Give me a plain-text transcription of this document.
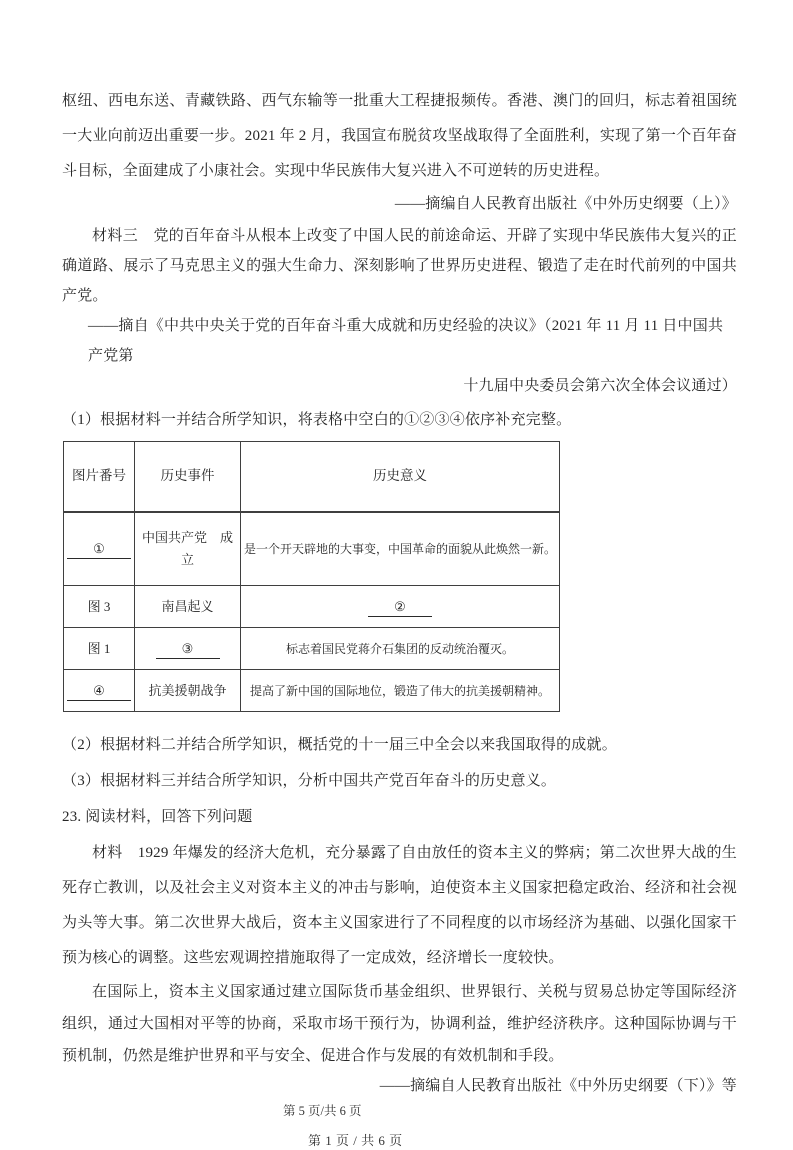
枢纽、西电东送、青藏铁路、西气东输等一批重大工程捷报频传。香港、澳门的回归，标志着祖国统一大业向前迈出重要一步。2021 年 2 月，我国宣布脱贫攻坚战取得了全面胜利，实现了第一个百年奋斗目标，全面建成了小康社会。实现中华民族伟大复兴进入不可逆转的历史进程。

——摘编自人民教育出版社《中外历史纲要（上）》

材料三　党的百年奋斗从根本上改变了中国人民的前途命运、开辟了实现中华民族伟大复兴的正确道路、展示了马克思主义的强大生命力、深刻影响了世界历史进程、锻造了走在时代前列的中国共产党。

——摘自《中共中央关于党的百年奋斗重大成就和历史经验的决议》（2021 年 11 月 11 日中国共产党第

十九届中央委员会第六次全体会议通过）

（1）根据材料一并结合所学知识，将表格中空白的①②③④依序补充完整。

图片番号	历史事件	历史意义
①	中国共产党　成立	是一个开天辟地的大事变，中国革命的面貌从此焕然一新。
图 3	南昌起义	②
图 1	③	标志着国民党蒋介石集团的反动统治覆灭。
④	抗美援朝战争	提高了新中国的国际地位，锻造了伟大的抗美援朝精神。

（2）根据材料二并结合所学知识，概括党的十一届三中全会以来我国取得的成就。

（3）根据材料三并结合所学知识，分析中国共产党百年奋斗的历史意义。

23. 阅读材料，回答下列问题

材料　1929 年爆发的经济大危机，充分暴露了自由放任的资本主义的弊病；第二次世界大战的生死存亡教训，以及社会主义对资本主义的冲击与影响，迫使资本主义国家把稳定政治、经济和社会视为头等大事。第二次世界大战后，资本主义国家进行了不同程度的以市场经济为基础、以强化国家干预为核心的调整。这些宏观调控措施取得了一定成效，经济增长一度较快。

在国际上，资本主义国家通过建立国际货币基金组织、世界银行、关税与贸易总协定等国际经济组织，通过大国相对平等的协商，采取市场干预行为，协调利益，维护经济秩序。这种国际协调与干预机制，仍然是维护世界和平与安全、促进合作与发展的有效机制和手段。

——摘编自人民教育出版社《中外历史纲要（下）》等

第 5 页/共 6 页

第 1 页 / 共 6 页
